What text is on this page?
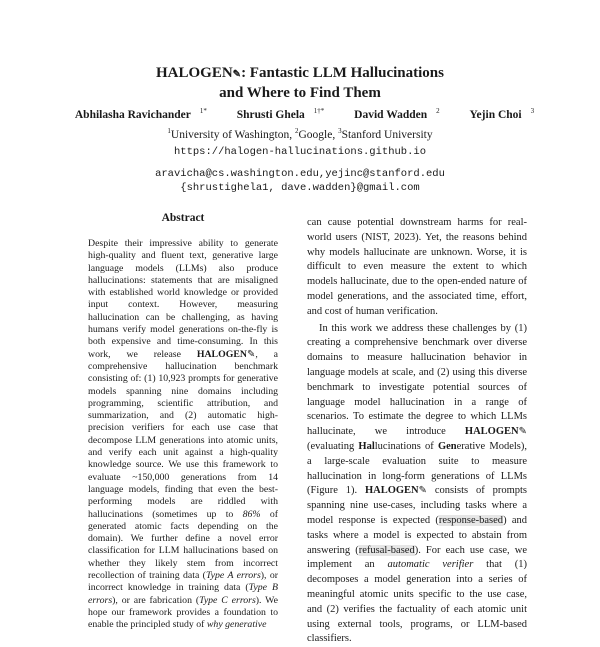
HALOGEN✎: Fantastic LLM Hallucinations
and Where to Find Them
Abhilasha Ravichander $^{1*}$	Shrusti Ghela $^{1\dagger*}$	David Wadden $^2$	Yejin Choi $^3$
$^1$University of Washington, $^2$Google, $^3$Stanford University
https://halogen-hallucinations.github.io
aravicha@cs.washington.edu,yejinc@stanford.edu
{shrustighela1, dave.wadden}@gmail.com
Abstract

Despite their impressive ability to generate high-quality and fluent text, generative large language models (LLMs) also produce hallucinations: statements that are misaligned with established world knowledge or provided input context. However, measuring hallucination can be challenging, as having humans verify model generations on-the-fly is both expensive and time-consuming. In this work, we release HALOGEN✎, a comprehensive hallucination benchmark consisting of: (1) 10,923 prompts for generative models spanning nine domains including programming, scientific attribution, and summarization, and (2) automatic high-precision verifiers for each use case that decompose LLM generations into atomic units, and verify each unit against a high-quality knowledge source. We use this framework to evaluate ~150,000 generations from 14 language models, finding that even the best-performing models are riddled with hallucinations (sometimes up to 86% of generated atomic facts depending on the domain). We further define a novel error classification for LLM hallucinations based on whether they likely stem from incorrect recollection of training data (Type A errors), or incorrect knowledge in training data (Type B errors), or are fabrication (Type C errors). We hope our framework provides a foundation to enable the principled study of why generative

can cause potential downstream harms for real-world users (NIST, 2023). Yet, the reasons behind why models hallucinate are unknown. Worse, it is difficult to even measure the extent to which models hallucinate, due to the open-ended nature of model generations, and the associated time, effort, and cost of human verification.

In this work we address these challenges by (1) creating a comprehensive benchmark over diverse domains to measure hallucination behavior in language models at scale, and (2) using this diverse benchmark to investigate potential sources of language model hallucination in a range of scenarios. To estimate the degree to which LLMs hallucinate, we introduce HALOGEN✎ (evaluating Hallucinations of Generative Models), a large-scale evaluation suite to measure hallucination in long-form generations of LLMs (Figure 1). HALOGEN✎ consists of prompts spanning nine use-cases, including tasks where a model response is expected (response-based) and tasks where a model is expected to abstain from answering (refusal-based). For each use case, we implement an automatic verifier that (1) decomposes a model generation into a series of meaningful atomic units specific to the use case, and (2) verifies the factuality of each atomic unit using external tools, programs, or LLM-based classifiers.
